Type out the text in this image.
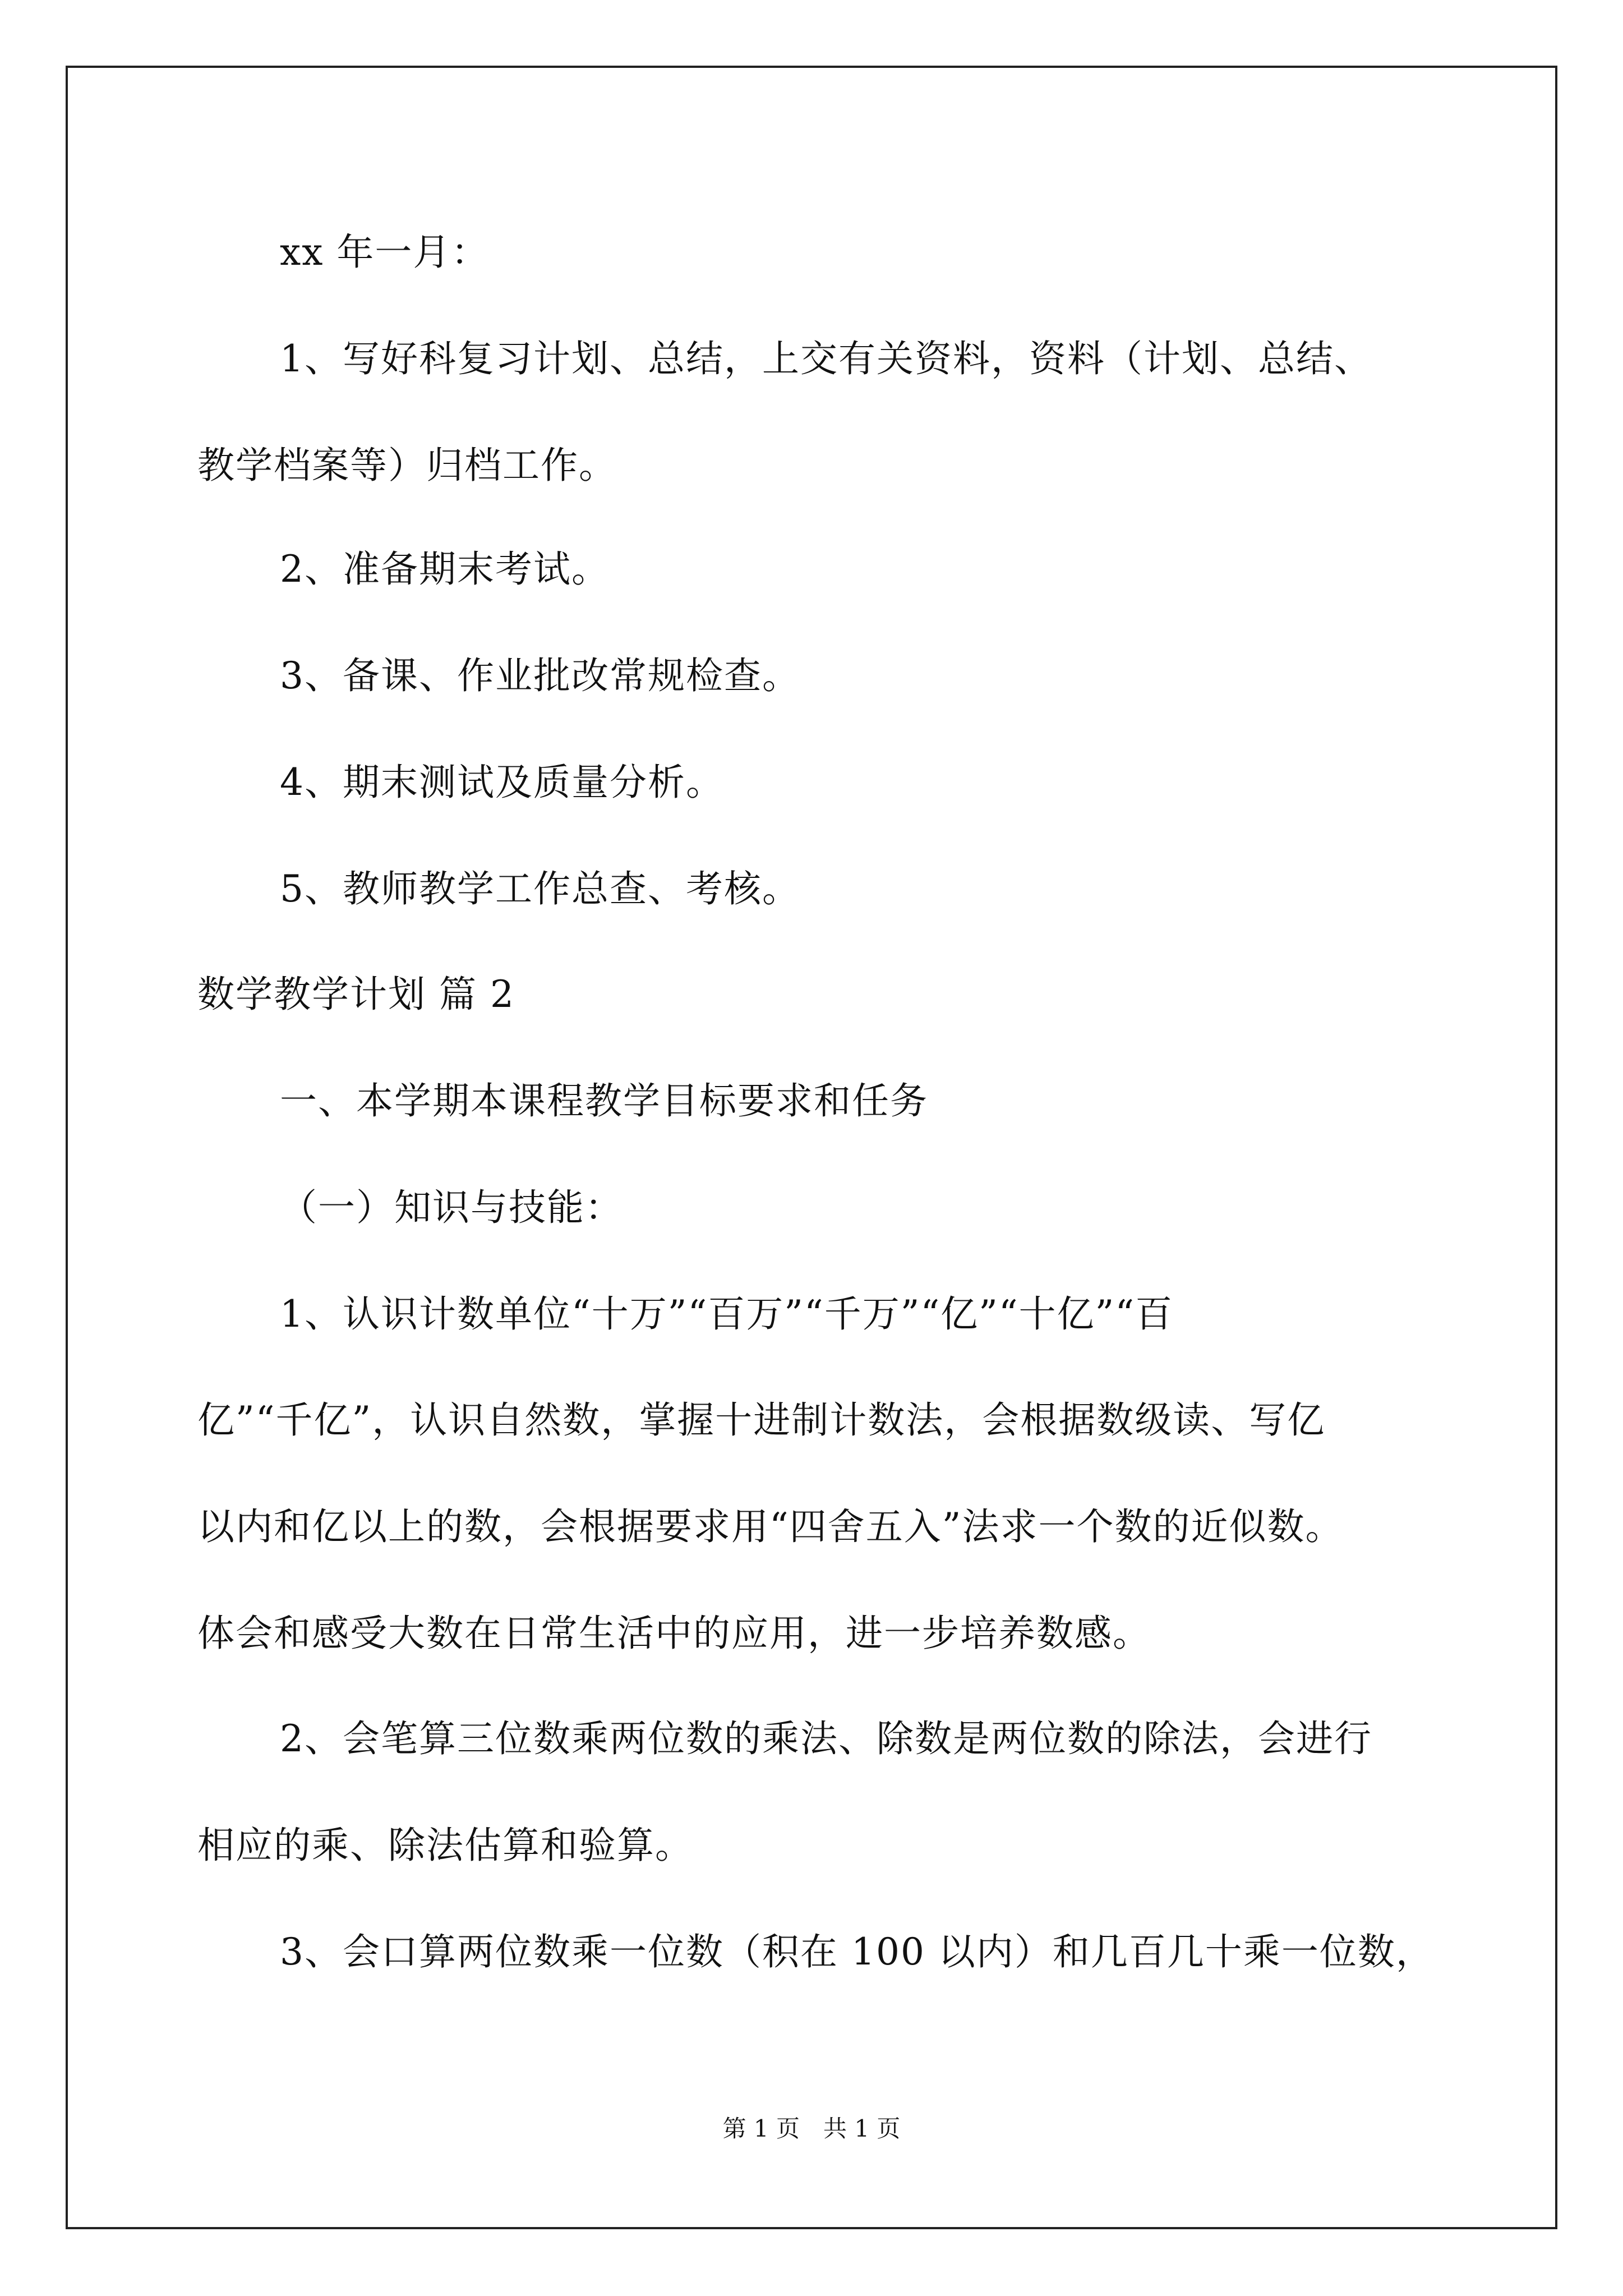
xx 年一月：
1、写好科复习计划、总结，上交有关资料，资料（计划、总结、
教学档案等）归档工作。
2、准备期末考试。
3、备课、作业批改常规检查。
4、期末测试及质量分析。
5、教师教学工作总查、考核。
数学教学计划 篇 2
一、本学期本课程教学目标要求和任务
（一）知识与技能：
1、认识计数单位“十万”“百万”“千万”“亿”“十亿”“百
亿”“千亿”，认识自然数，掌握十进制计数法，会根据数级读、写亿
以内和亿以上的数，会根据要求用“四舍五入”法求一个数的近似数。
体会和感受大数在日常生活中的应用，进一步培养数感。
2、会笔算三位数乘两位数的乘法、除数是两位数的除法，会进行
相应的乘、除法估算和验算。
3、会口算两位数乘一位数（积在 100 以内）和几百几十乘一位数，
第 1 页　共 1 页
